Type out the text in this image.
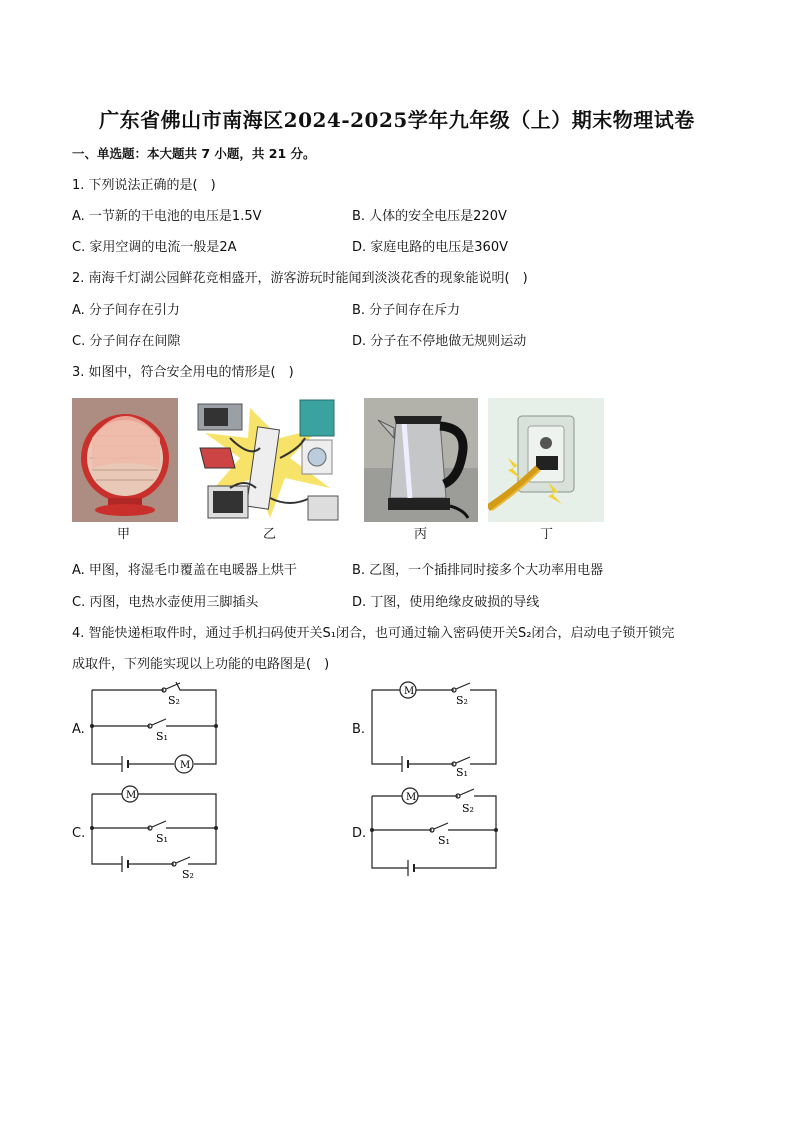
广东省佛山市南海区2024-2025学年九年级（上）期末物理试卷
一、单选题：本大题共 7 小题，共 21 分。
1. 下列说法正确的是(　)
A. 一节新的干电池的电压是1.5V	B. 人体的安全电压是220V
C. 家用空调的电流一般是2A	D. 家庭电路的电压是360V
2. 南海千灯湖公园鲜花竞相盛开，游客游玩时能闻到淡淡花香的现象能说明(　)
A. 分子间存在引力	B. 分子间存在斥力
C. 分子间存在间隙	D. 分子在不停地做无规则运动
3. 如图中，符合安全用电的情形是(　)
甲	乙	丙	丁
A. 甲图，将湿毛巾覆盖在电暖器上烘干	B. 乙图，一个插排同时接多个大功率用电器
C. 丙图，电热水壶使用三脚插头	D. 丁图，使用绝缘皮破损的导线
4. 智能快递柜取件时，通过手机扫码使开关S₁闭合，也可通过输入密码使开关S₂闭合，启动电子锁开锁完
成取件，下列能实现以上功能的电路图是(　)
A.	B.
C.	D.
M
S₂
S₁
M
S₂
S₁
M
S₁
S₂
M
S₂
S₁
